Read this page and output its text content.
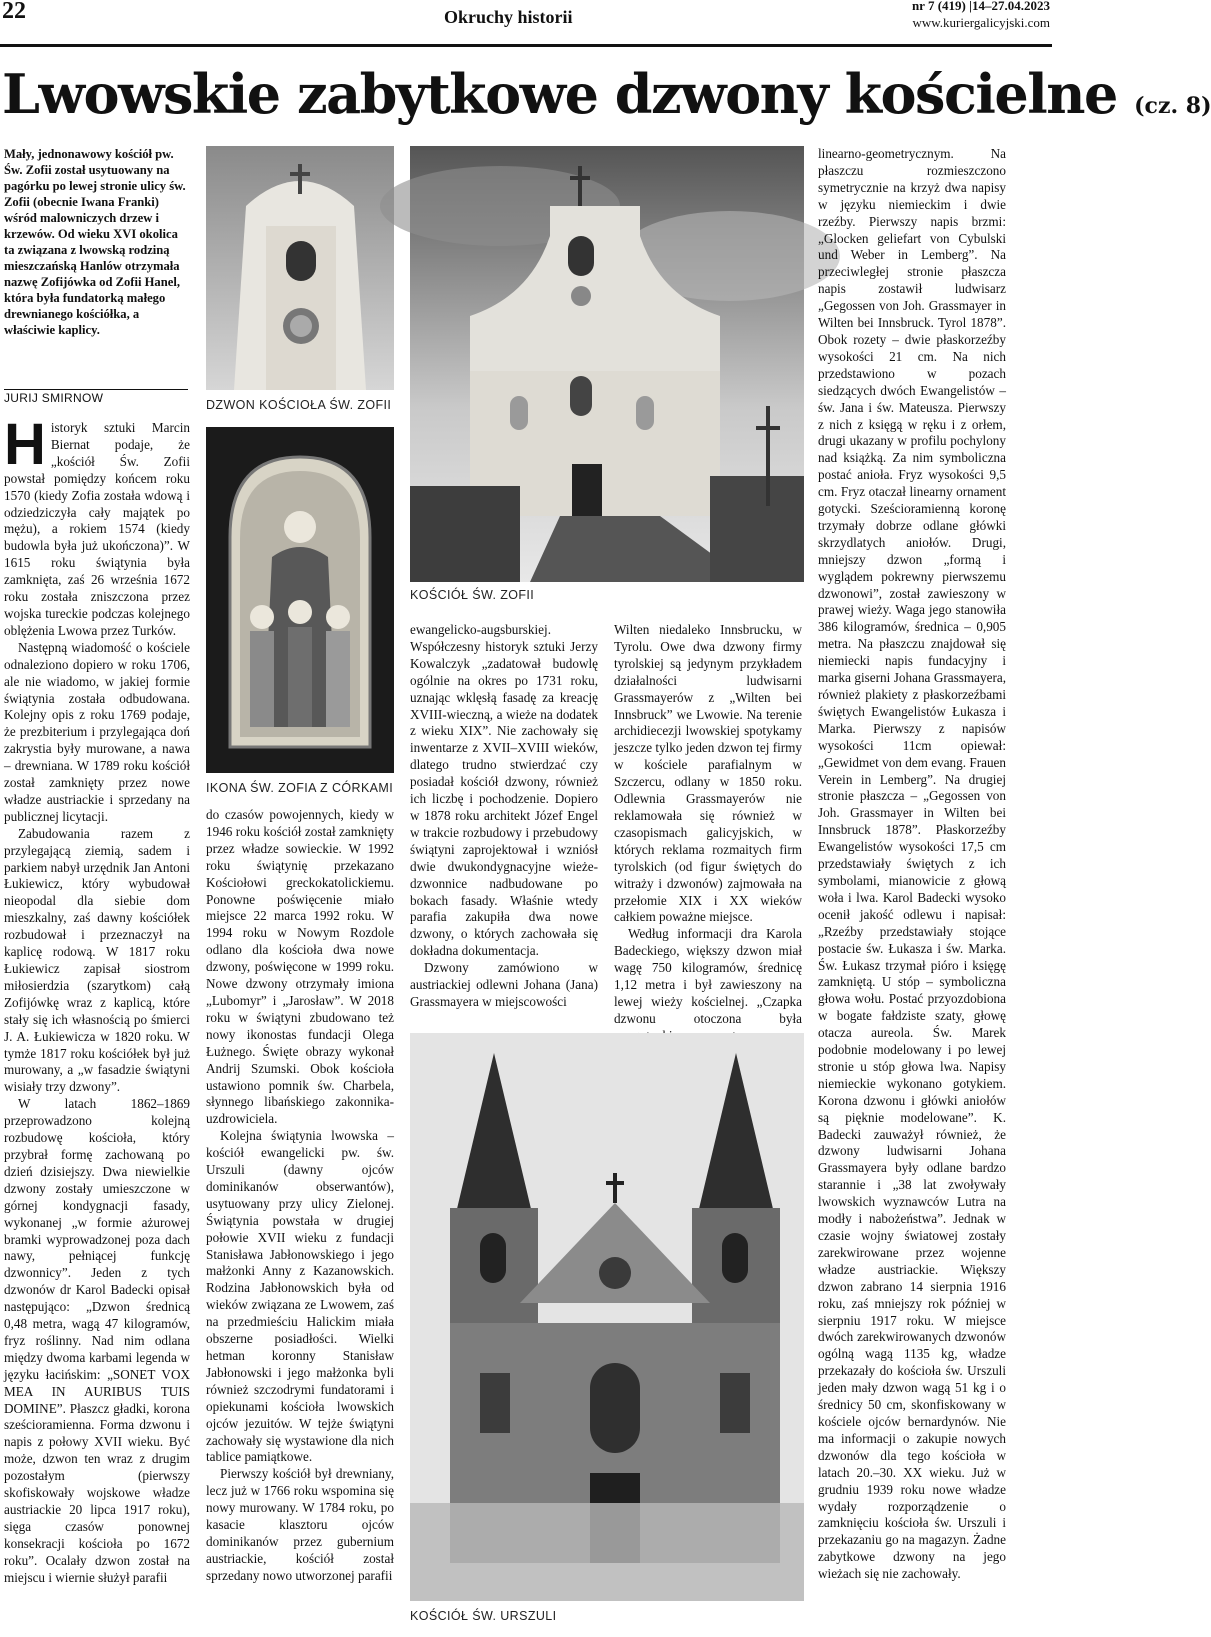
22	Okruchy historii
nr 7 (419) |14–27.04.2023
www.kuriergalicyjski.com
Lwowskie zabytkowe dzwony kościelne (cz. 8)
Mały, jednonawowy kościół pw. Św. Zofii został usytuowany na pagórku po lewej stronie ulicy św. Zofii (obecnie Iwana Franki) wśród malowniczych drzew i krzewów. Od wieku XVI okolica ta związana z lwowską rodziną mieszczańską Hanlów otrzymała nazwę Zofijówka od Zofii Hanel, która była fundatorką małego drewnianego kościółka, a właściwie kaplicy.
JURIJ SMIRNOW
H istoryk sztuki Marcin Biernat podaje, że „kościół Św. Zofii powstał pomiędzy końcem roku 1570 (kiedy Zofia została wdową i odziedziczyła cały majątek po mężu), a rokiem 1574 (kiedy budowla była już ukończona)”. W 1615 roku świątynia była zamknięta, zaś 26 września 1672 roku została zniszczona przez wojska tureckie podczas kolejnego oblężenia Lwowa przez Turków.

Następną wiadomość o kościele odnaleziono dopiero w roku 1706, ale nie wiadomo, w jakiej formie świątynia została odbudowana. Kolejny opis z roku 1769 podaje, że prezbiterium i przylegająca doń zakrystia były murowane, a nawa – drewniana. W 1789 roku kościół został zamknięty przez nowe władze austriackie i sprzedany na publicznej licytacji.

Zabudowania razem z przylegającą ziemią, sadem i parkiem nabył urzędnik Jan Antoni Łukiewicz, który wybudował nieopodal dla siebie dom mieszkalny, zaś dawny kościółek rozbudował i przeznaczył na kaplicę rodową. W 1817 roku Łukiewicz zapisał siostrom miłosierdzia (szarytkom) całą Zofijówkę wraz z kaplicą, które stały się ich własnością po śmierci J. A. Łukiewicza w 1820 roku. W tymże 1817 roku kościółek był już murowany, a „w fasadzie świątyni wisiały trzy dzwony”.

W latach 1862–1869 przeprowadzono kolejną rozbudowę kościoła, który przybrał formę zachowaną po dzień dzisiejszy. Dwa niewielkie dzwony zostały umieszczone w górnej kondygnacji fasady, wykonanej „w formie ażurowej bramki wyprowadzonej poza dach nawy, pełniącej funkcję dzwonnicy”. Jeden z tych dzwonów dr Karol Badecki opisał następująco: „Dzwon średnicą 0,48 metra, wagą 47 kilogramów, fryz roślinny. Nad nim odlana między dwoma karbami legenda w języku łacińskim: „SONET VOX MEA IN AURIBUS TUIS DOMINE”. Płaszcz gładki, korona sześcioramienna. Forma dzwonu i napis z połowy XVII wieku. Być może, dzwon ten wraz z drugim pozostałym (pierwszy skofiskowały wojskowe władze austriackie 20 lipca 1917 roku), sięga czasów ponownej konsekracji kościoła po 1672 roku”. Ocalały dzwon został na miejscu i wiernie służył parafii

DZWON KOŚCIOŁA ŚW. ZOFII
IKONA ŚW. ZOFIA Z CÓRKAMI
KOŚCIÓŁ ŚW. ZOFII

do czasów powojennych, kiedy w 1946 roku kościół został zamknięty przez władze sowieckie. W 1992 roku świątynię przekazano Kościołowi greckokatolickiemu. Ponowne poświęcenie miało miejsce 22 marca 1992 roku. W 1994 roku w Nowym Rozdole odlano dla kościoła dwa nowe dzwony, poświęcone w 1999 roku. Nowe dzwony otrzymały imiona „Lubomyr” i „Jarosław”. W 2018 roku w świątyni zbudowano też nowy ikonostas fundacji Olega Łużnego. Święte obrazy wykonał Andrij Szumski. Obok kościoła ustawiono pomnik św. Charbela, słynnego libańskiego zakonnika-uzdrowiciela.

Kolejna świątynia lwowska – kościół ewangelicki pw. św. Urszuli (dawny ojców dominikanów obserwantów), usytuowany przy ulicy Zielonej. Świątynia powstała w drugiej połowie XVII wieku z fundacji Stanisława Jabłonowskiego i jego małżonki Anny z Kazanowskich. Rodzina Jabłonowskich była od wieków związana ze Lwowem, zaś na przedmieściu Halickim miała obszerne posiadłości. Wielki hetman koronny Stanisław Jabłonowski i jego małżonka byli również szczodrymi fundatorami i opiekunami kościoła lwowskich ojców jezuitów. W tejże świątyni zachowały się wystawione dla nich tablice pamiątkowe.

Pierwszy kościół był drewniany, lecz już w 1766 roku wspomina się nowy murowany. W 1784 roku, po kasacie klasztoru ojców dominikanów przez gubernium austriackie, kościół został sprzedany nowo utworzonej parafii

ewangelicko-augsburskiej. Współczesny historyk sztuki Jerzy Kowalczyk „zadatował budowlę ogólnie na okres po 1731 roku, uznając wklęsłą fasadę za kreację XVIII-wieczną, a wieże na dodatek z wieku XIX”. Nie zachowały się inwentarze z XVII–XVIII wieków, dlatego trudno stwierdzać czy posiadał kościół dzwony, również ich liczbę i pochodzenie. Dopiero w 1878 roku architekt Józef Engel w trakcie rozbudowy i przebudowy świątyni zaprojektował i wzniósł dwie dwukondygnacyjne wieże-dzwonnice nadbudowane po bokach fasady. Właśnie wtedy parafia zakupiła dwa nowe dzwony, o których zachowała się dokładna dokumentacja.

Dzwony zamówiono w austriackiej odlewni Johana (Jana) Grassmayera w miejscowości

Wilten niedaleko Innsbrucku, w Tyrolu. Owe dwa dzwony firmy tyrolskiej są jedynym przykładem działalności ludwisarni Grassmayerów z „Wilten bei Innsbruck” we Lwowie. Na terenie archidiecezji lwowskiej spotykamy jeszcze tylko jeden dzwon tej firmy w kościele parafialnym w Szczercu, odlany w 1850 roku. Odlewnia Grassmayerów nie reklamowała się również w czasopismach galicyjskich, w których reklama rozmaitych firm tyrolskich (od figur świętych do witraży i dzwonów) zajmowała na przełomie XIX i XX wieków całkiem poważne miejsce.

Według informacji dra Karola Badeckiego, większy dzwon miał wagę 750 kilogramów, średnicę 1,12 metra i był zawieszony na lewej wieży kościelnej. „Czapka dzwonu otoczona była

KOŚCIÓŁ ŚW. URSZULI

linearno-geometrycznym. Na płaszczu rozmieszczono symetrycznie na krzyż dwa napisy w języku niemieckim i dwie rzeźby. Pierwszy napis brzmi: „Glocken geliefart von Cybulski und Weber in Lemberg”. Na przeciwległej stronie płaszcza napis zostawił ludwisarz „Gegossen von Joh. Grassmayer in Wilten bei Innsbruck. Tyrol 1878”. Obok rozety – dwie płaskorzeźby wysokości 21 cm. Na nich przedstawiono w pozach siedzących dwóch Ewangelistów – św. Jana i św. Mateusza. Pierwszy z nich z księgą w ręku i z orłem, drugi ukazany w profilu pochylony nad książką. Za nim symboliczna postać anioła. Fryz wysokości 9,5 cm. Fryz otaczał linearny ornament gotycki. Sześcioramienną koronę trzymały dobrze odlane główki skrzydlatych aniołów. Drugi, mniejszy dzwon „formą i wyglądem pokrewny pierwszemu dzwonowi”, został zawieszony w prawej wieży. Waga jego stanowiła 386 kilogramów, średnica – 0,905 metra. Na płaszczu znajdował się niemiecki napis fundacyjny i marka giserni Johana Grassmayera, również plakiety z płaskorzeźbami świętych Ewangelistów Łukasza i Marka. Pierwszy z napisów wysokości 11cm opiewał: „Gewidmet von dem evang. Frauen Verein in Lemberg”. Na drugiej stronie płaszcza – „Gegossen von Joh. Grassmayer in Wilten bei Innsbruck 1878”. Płaskorzeźby Ewangelistów wysokości 17,5 cm przedstawiały świętych z ich symbolami, mianowicie z głową woła i lwa. Karol Badecki wysoko ocenił jakość odlewu i napisał: „Rzeźby przedstawiały stojące postacie św. Łukasza i św. Marka. Św. Łukasz trzymał pióro i księgę zamkniętą. U stóp – symboliczna głowa wołu. Postać przyozdobiona w bogate fałdziste szaty, głowę otacza aureola. Św. Marek podobnie modelowany i po lewej stronie u stóp głowa lwa. Napisy niemieckie wykonano gotykiem. Korona dzwonu i główki aniołów są pięknie modelowane”. K. Badecki zauważył również, że dzwony ludwisarni Johana Grassmayera były odlane bardzo starannie i „38 lat zwoływały lwowskich wyznawców Lutra na modły i nabożeństwa”. Jednak w czasie wojny światowej zostały zarekwirowane przez wojenne władze austriackie. Większy dzwon zabrano 14 sierpnia 1916 roku, zaś mniejszy rok później w sierpniu 1917 roku. W miejsce dwóch zarekwirowanych dzwonów ogólną wagą 1135 kg, władze przekazały do kościoła św. Urszuli jeden mały dzwon wagą 51 kg i o średnicy 50 cm, skonfiskowany w kościele ojców bernardynów. Nie ma informacji o zakupie nowych dzwonów dla tego kościoła w latach 20.–30. XX wieku. Już w grudniu 1939 roku nowe władze wydały rozporządzenie o zamknięciu kościoła św. Urszuli i przekazaniu go na magazyn. Żadne zabytkowe dzwony na jego wieżach się nie zachowały.
